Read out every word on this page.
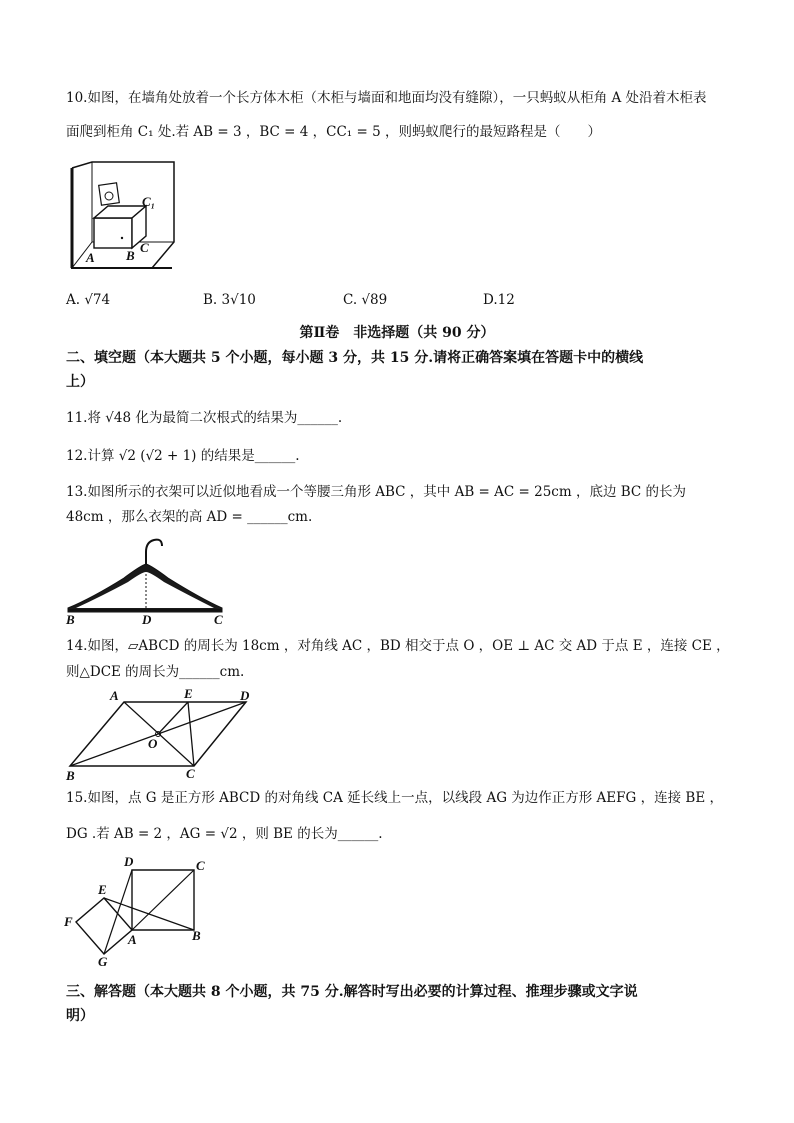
10.如图，在墙角处放着一个长方体木柜（木柜与墙面和地面均没有缝隙），一只蚂蚁从柜角 A 处沿着木柜表
面爬到柜角 C₁ 处.若 AB = 3 ，BC = 4 ，CC₁ = 5 ，则蚂蚁爬行的最短路程是（　　）
C₁
A B
C
A. √74	B. 3√10	C. √89	D.12
第Ⅱ卷　非选择题（共 90 分）
二、填空题（本大题共 5 个小题，每小题 3 分，共 15 分.请将正确答案填在答题卡中的横线
上）
11.将 √48 化为最简二次根式的结果为______.
12.计算 √2 (√2 + 1) 的结果是______.
13.如图所示的衣架可以近似地看成一个等腰三角形 ABC ，其中 AB = AC = 25cm ，底边 BC 的长为
48cm ，那么衣架的高 AD = ______cm.
B	D	C
14.如图，▱ABCD 的周长为 18cm ，对角线 AC ，BD 相交于点 O ，OE ⊥ AC 交 AD 于点 E ，连接 CE ，
则△DCE 的周长为______cm.
A	E	D
O
B	C
15.如图，点 G 是正方形 ABCD 的对角线 CA 延长线上一点，以线段 AG 为边作正方形 AEFG ，连接 BE ，
DG .若 AB = 2 ，AG = √2 ，则 BE 的长为______.
D	C
E
F
A	B
G
三、解答题（本大题共 8 个小题，共 75 分.解答时写出必要的计算过程、推理步骤或文字说
明）
